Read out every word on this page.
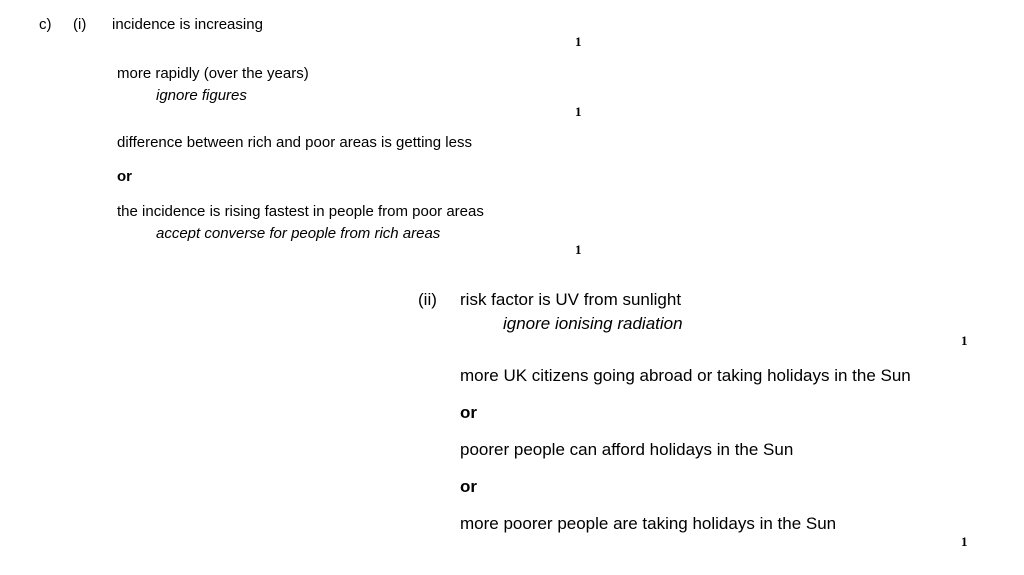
c) (i) incidence is increasing
1
more rapidly (over the years)
ignore figures
1
difference between rich and poor areas is getting less
or
the incidence is rising fastest in people from poor areas
accept converse for people from rich areas
1
(ii) risk factor is UV from sunlight
ignore ionising radiation
1
more UK citizens going abroad or taking holidays in the Sun
or
poorer people can afford holidays in the Sun
or
more poorer people are taking holidays in the Sun
1
